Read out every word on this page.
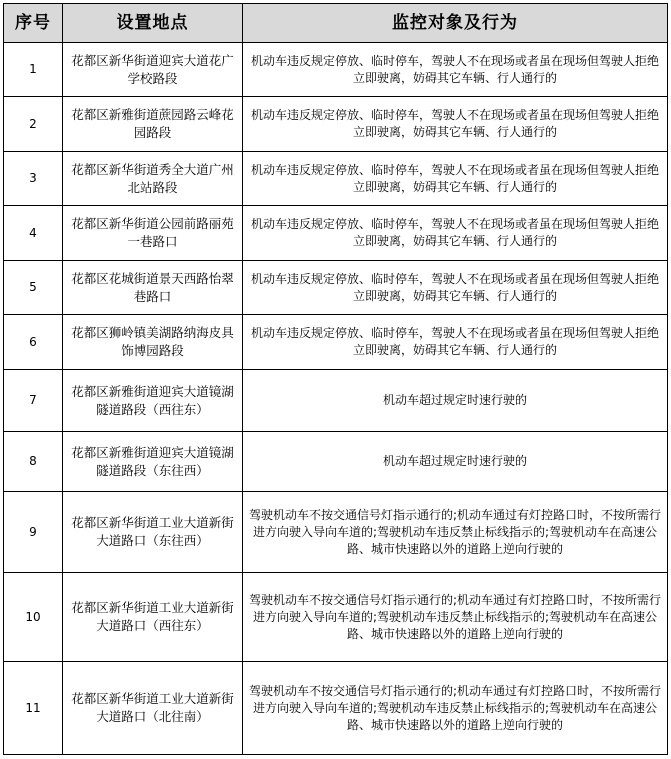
序号	设置地点	监控对象及行为
1	花都区新华街道迎宾大道花广学校路段	机动车违反规定停放、临时停车，驾驶人不在现场或者虽在现场但驾驶人拒绝立即驶离，妨碍其它车辆、行人通行的
2	花都区新雅街道蔗园路云峰花园路段	机动车违反规定停放、临时停车，驾驶人不在现场或者虽在现场但驾驶人拒绝立即驶离，妨碍其它车辆、行人通行的
3	花都区新华街道秀全大道广州北站路段	机动车违反规定停放、临时停车，驾驶人不在现场或者虽在现场但驾驶人拒绝立即驶离，妨碍其它车辆、行人通行的
4	花都区新华街道公园前路丽苑一巷路口	机动车违反规定停放、临时停车，驾驶人不在现场或者虽在现场但驾驶人拒绝立即驶离，妨碍其它车辆、行人通行的
5	花都区花城街道景天西路怡翠巷路口	机动车违反规定停放、临时停车，驾驶人不在现场或者虽在现场但驾驶人拒绝立即驶离，妨碍其它车辆、行人通行的
6	花都区狮岭镇美湖路纳海皮具饰博园路段	机动车违反规定停放、临时停车，驾驶人不在现场或者虽在现场但驾驶人拒绝立即驶离，妨碍其它车辆、行人通行的
7	花都区新雅街道迎宾大道镜湖隧道路段（西往东）	机动车超过规定时速行驶的
8	花都区新雅街道迎宾大道镜湖隧道路段（东往西）	机动车超过规定时速行驶的
9	花都区新华街道工业大道新街大道路口（东往西）	驾驶机动车不按交通信号灯指示通行的;机动车通过有灯控路口时，不按所需行进方向驶入导向车道的;驾驶机动车违反禁止标线指示的;驾驶机动车在高速公路、城市快速路以外的道路上逆向行驶的
10	花都区新华街道工业大道新街大道路口（西往东）	驾驶机动车不按交通信号灯指示通行的;机动车通过有灯控路口时，不按所需行进方向驶入导向车道的;驾驶机动车违反禁止标线指示的;驾驶机动车在高速公路、城市快速路以外的道路上逆向行驶的
11	花都区新华街道工业大道新街大道路口（北往南）	驾驶机动车不按交通信号灯指示通行的;机动车通过有灯控路口时，不按所需行进方向驶入导向车道的;驾驶机动车违反禁止标线指示的;驾驶机动车在高速公路、城市快速路以外的道路上逆向行驶的
